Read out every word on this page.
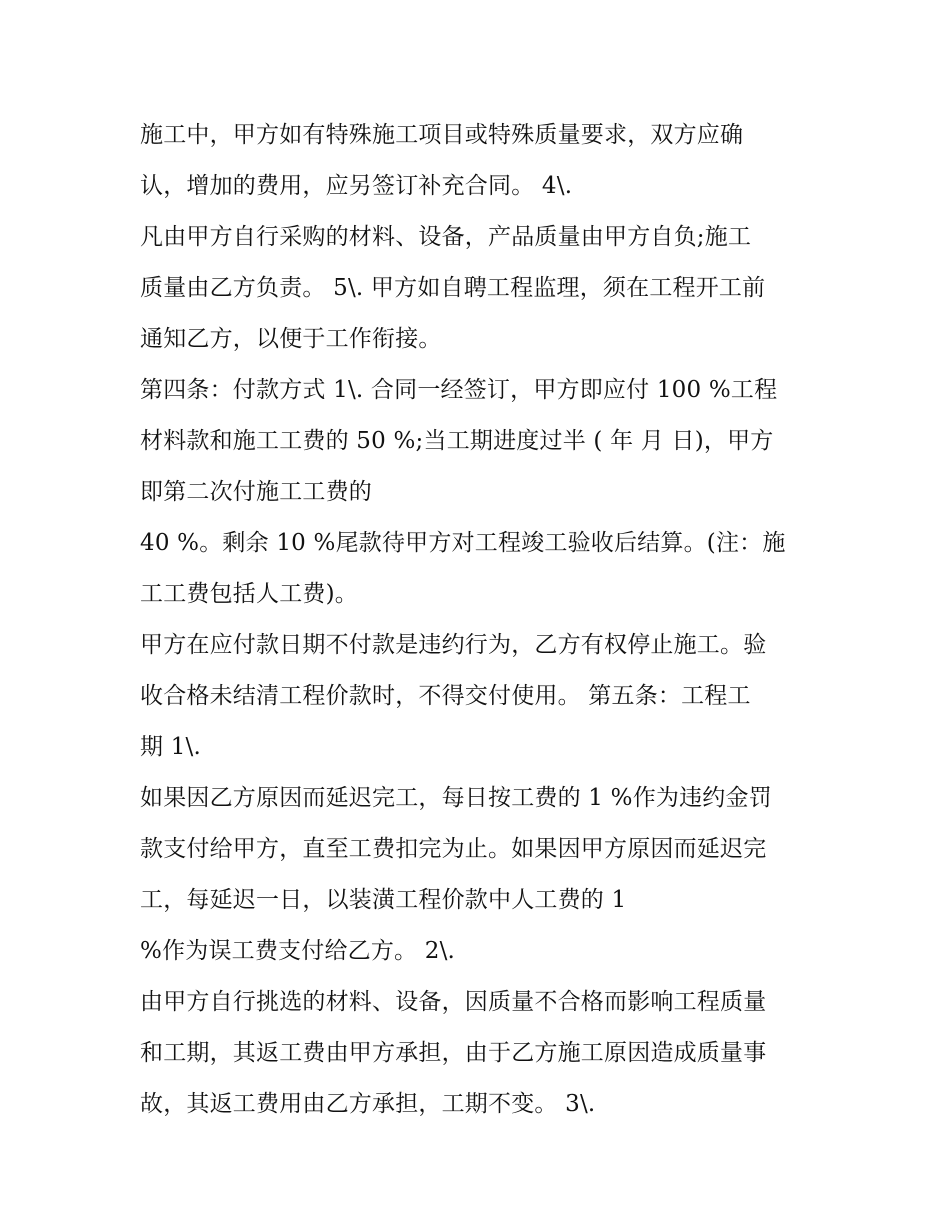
施工中，甲方如有特殊施工项目或特殊质量要求，双方应确
认，增加的费用，应另签订补充合同。 4\.
凡由甲方自行采购的材料、设备，产品质量由甲方自负;施工
质量由乙方负责。 5\. 甲方如自聘工程监理，须在工程开工前
通知乙方，以便于工作衔接。
第四条：付款方式 1\. 合同一经签订，甲方即应付 100 %工程
材料款和施工工费的 50 %;当工期进度过半 ( 年 月 日)，甲方
即第二次付施工工费的
40 %。剩余 10 %尾款待甲方对工程竣工验收后结算。(注：施
工工费包括人工费)。
甲方在应付款日期不付款是违约行为，乙方有权停止施工。验
收合格未结清工程价款时，不得交付使用。 第五条：工程工
期 1\.
如果因乙方原因而延迟完工，每日按工费的 1 %作为违约金罚
款支付给甲方，直至工费扣完为止。如果因甲方原因而延迟完
工，每延迟一日，以装潢工程价款中人工费的 1
%作为误工费支付给乙方。 2\.
由甲方自行挑选的材料、设备，因质量不合格而影响工程质量
和工期，其返工费由甲方承担，由于乙方施工原因造成质量事
故，其返工费用由乙方承担，工期不变。 3\.
